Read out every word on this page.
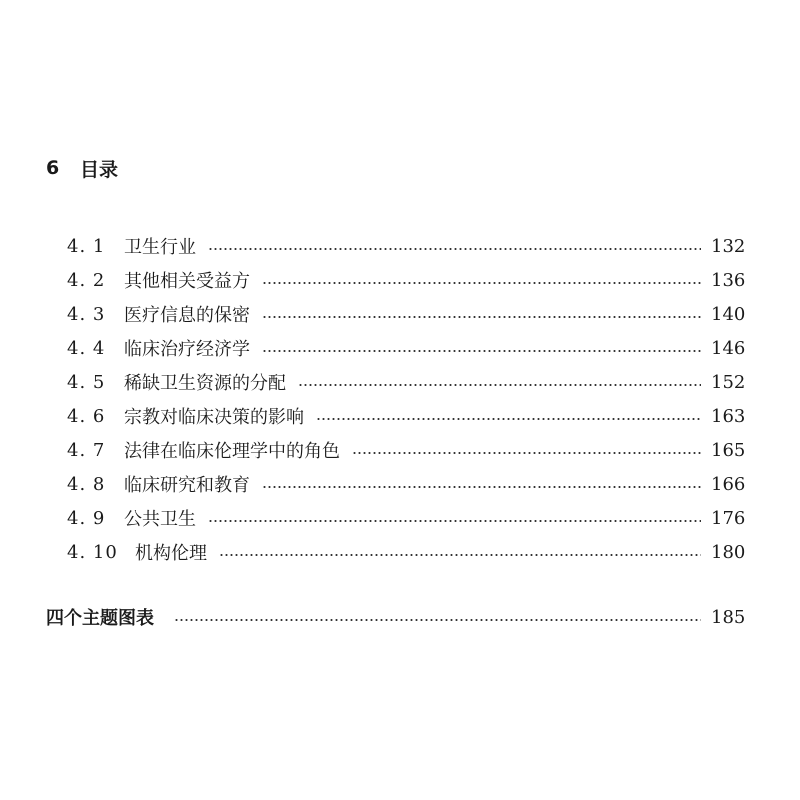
6	目录
4. 1	卫生行业	132
4. 2	其他相关受益方	136
4. 3	医疗信息的保密	140
4. 4	临床治疗经济学	146
4. 5	稀缺卫生资源的分配	152
4. 6	宗教对临床决策的影响	163
4. 7	法律在临床伦理学中的角色	165
4. 8	临床研究和教育	166
4. 9	公共卫生	176
4. 10 机构伦理	180
四个主题图表	185
